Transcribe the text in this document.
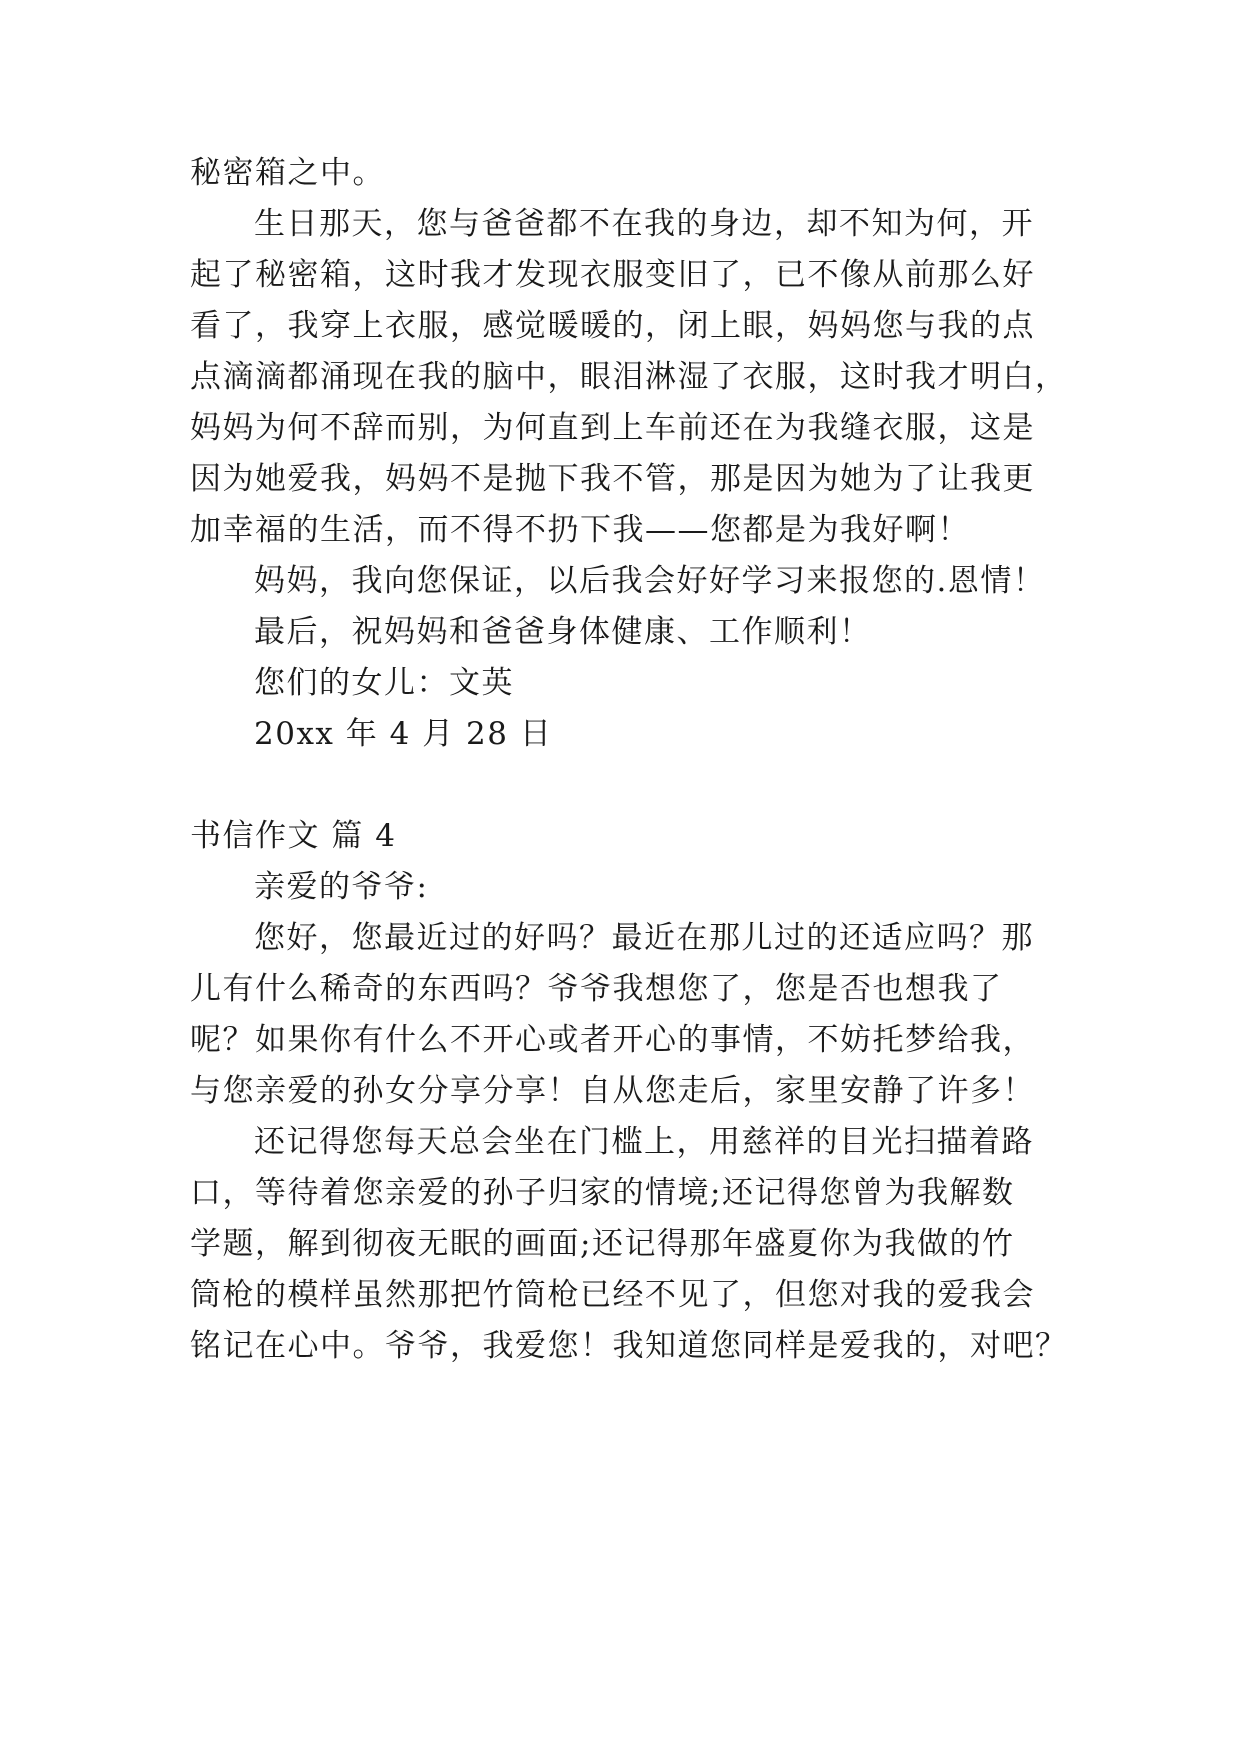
秘密箱之中。
生日那天，您与爸爸都不在我的身边，却不知为何，开
起了秘密箱，这时我才发现衣服变旧了，已不像从前那么好
看了，我穿上衣服，感觉暖暖的，闭上眼，妈妈您与我的点
点滴滴都涌现在我的脑中，眼泪淋湿了衣服，这时我才明白，
妈妈为何不辞而别，为何直到上车前还在为我缝衣服，这是
因为她爱我，妈妈不是抛下我不管，那是因为她为了让我更
加幸福的生活，而不得不扔下我——您都是为我好啊！
妈妈，我向您保证，以后我会好好学习来报您的.恩情！
最后，祝妈妈和爸爸身体健康、工作顺利！
您们的女儿：文英
20xx 年 4 月 28 日
书信作文 篇 4
亲爱的爷爷:
您好，您最近过的好吗？最近在那儿过的还适应吗？那
儿有什么稀奇的东西吗？爷爷我想您了，您是否也想我了
呢？如果你有什么不开心或者开心的事情，不妨托梦给我，
与您亲爱的孙女分享分享！自从您走后，家里安静了许多！
还记得您每天总会坐在门槛上，用慈祥的目光扫描着路
口，等待着您亲爱的孙子归家的情境;还记得您曾为我解数
学题，解到彻夜无眠的画面;还记得那年盛夏你为我做的竹
筒枪的模样虽然那把竹筒枪已经不见了，但您对我的爱我会
铭记在心中。爷爷，我爱您！我知道您同样是爱我的，对吧？
